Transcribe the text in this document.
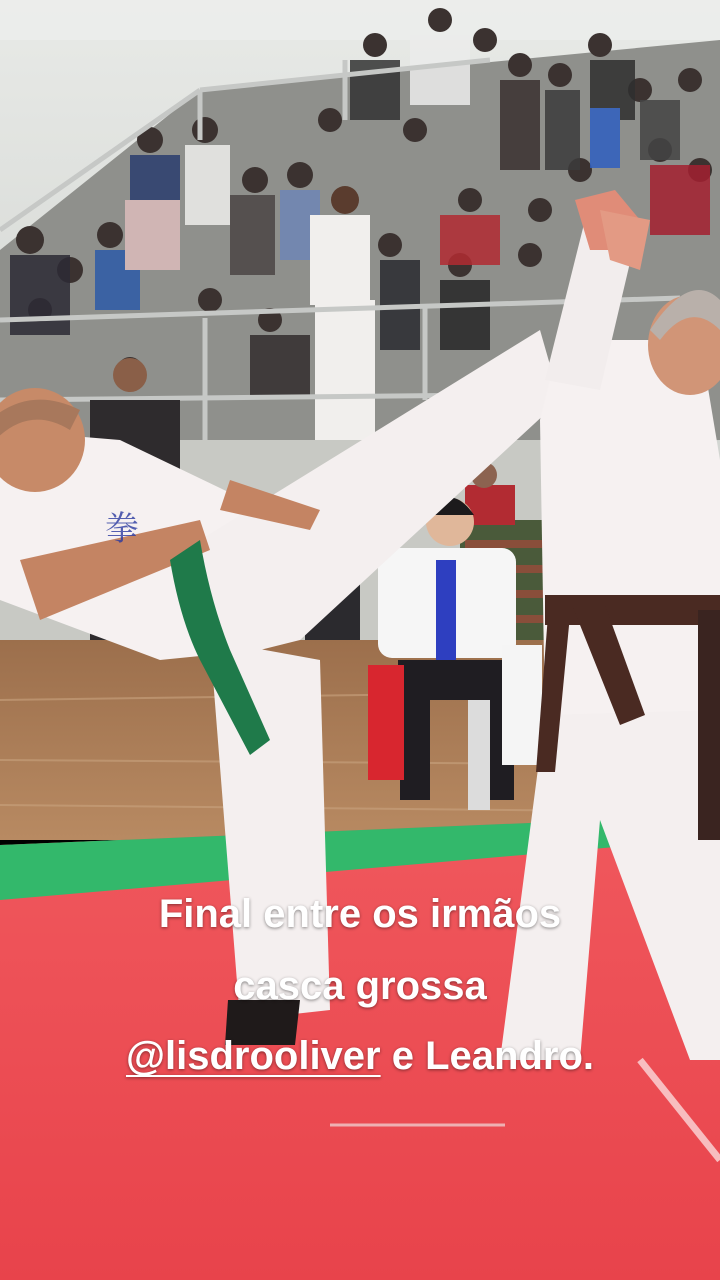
拳
Final entre os irmãos
casca grossa
@lisdrooliver e Leandro.
